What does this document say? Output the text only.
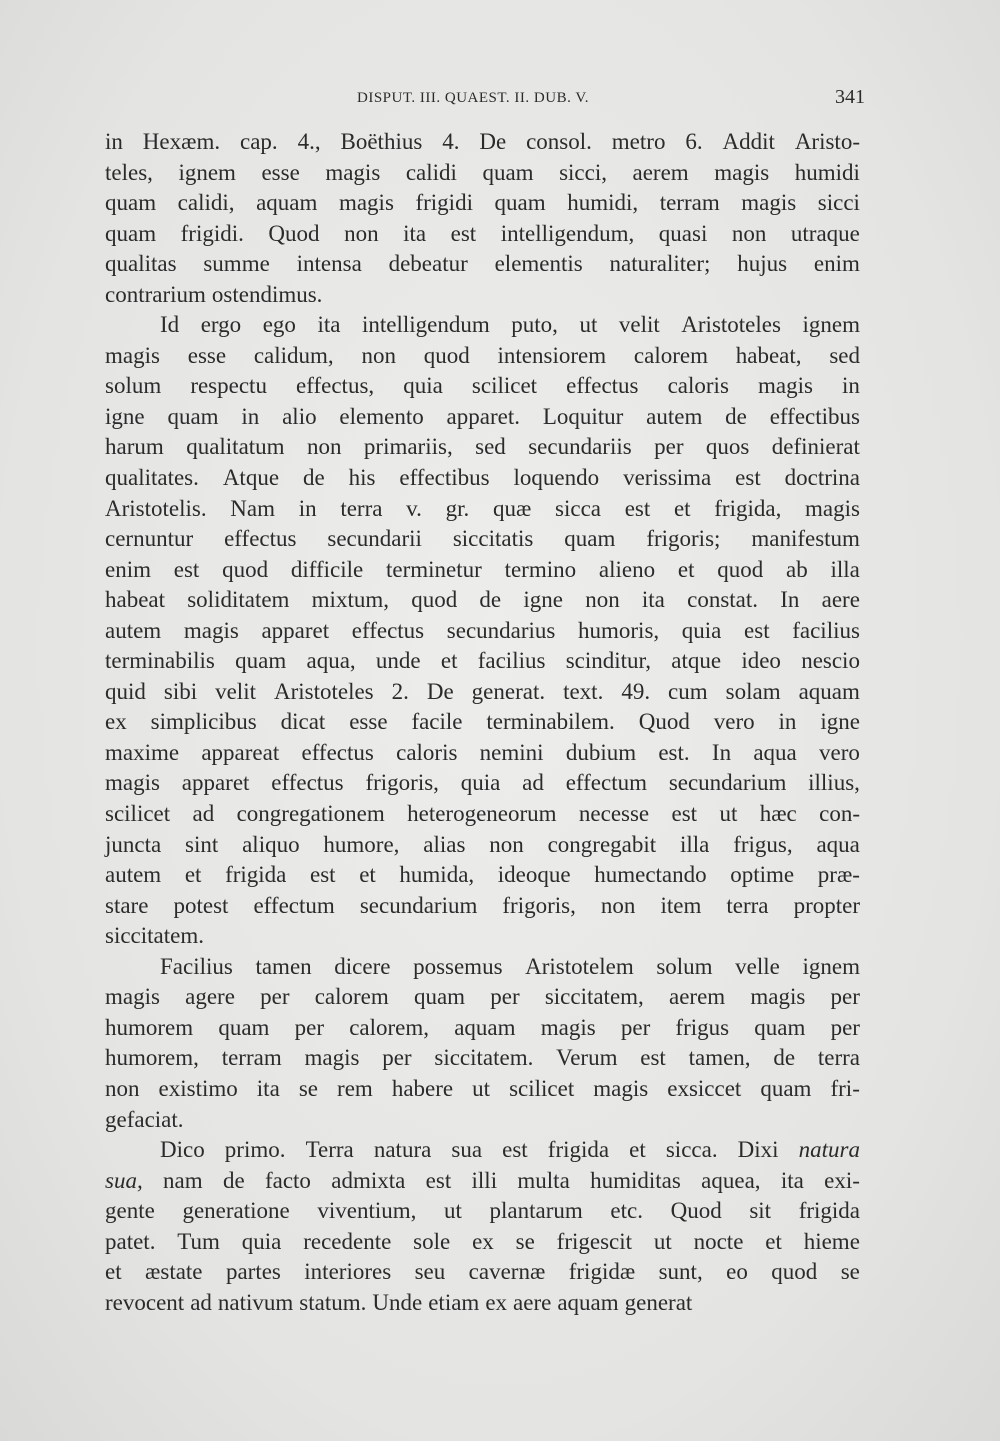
DISPUT. III. QUAEST. II. DUB. V.	341
in Hexæm. cap. 4., Boëthius 4. De consol. metro 6. Addit Aristo-
teles, ignem esse magis calidi quam sicci, aerem magis humidi
quam calidi, aquam magis frigidi quam humidi, terram magis sicci
quam frigidi. Quod non ita est intelligendum, quasi non utraque
qualitas summe intensa debeatur elementis naturaliter; hujus enim
contrarium ostendimus.
Id ergo ego ita intelligendum puto, ut velit Aristoteles ignem
magis esse calidum, non quod intensiorem calorem habeat, sed
solum respectu effectus, quia scilicet effectus caloris magis in
igne quam in alio elemento apparet. Loquitur autem de effectibus
harum qualitatum non primariis, sed secundariis per quos definierat
qualitates. Atque de his effectibus loquendo verissima est doctrina
Aristotelis. Nam in terra v. gr. quæ sicca est et frigida, magis
cernuntur effectus secundarii siccitatis quam frigoris; manifestum
enim est quod difficile terminetur termino alieno et quod ab illa
habeat soliditatem mixtum, quod de igne non ita constat. In aere
autem magis apparet effectus secundarius humoris, quia est facilius
terminabilis quam aqua, unde et facilius scinditur, atque ideo nescio
quid sibi velit Aristoteles 2. De generat. text. 49. cum solam aquam
ex simplicibus dicat esse facile terminabilem. Quod vero in igne
maxime appareat effectus caloris nemini dubium est. In aqua vero
magis apparet effectus frigoris, quia ad effectum secundarium illius,
scilicet ad congregationem heterogeneorum necesse est ut hæc con-
juncta sint aliquo humore, alias non congregabit illa frigus, aqua
autem et frigida est et humida, ideoque humectando optime præ-
stare potest effectum secundarium frigoris, non item terra propter
siccitatem.
Facilius tamen dicere possemus Aristotelem solum velle ignem
magis agere per calorem quam per siccitatem, aerem magis per
humorem quam per calorem, aquam magis per frigus quam per
humorem, terram magis per siccitatem. Verum est tamen, de terra
non existimo ita se rem habere ut scilicet magis exsiccet quam fri-
gefaciat.
Dico primo. Terra natura sua est frigida et sicca. Dixi natura
sua, nam de facto admixta est illi multa humiditas aquea, ita exi-
gente generatione viventium, ut plantarum etc. Quod sit frigida
patet. Tum quia recedente sole ex se frigescit ut nocte et hieme
et æstate partes interiores seu cavernæ frigidæ sunt, eo quod se
revocent ad nativum statum. Unde etiam ex aere aquam generat
